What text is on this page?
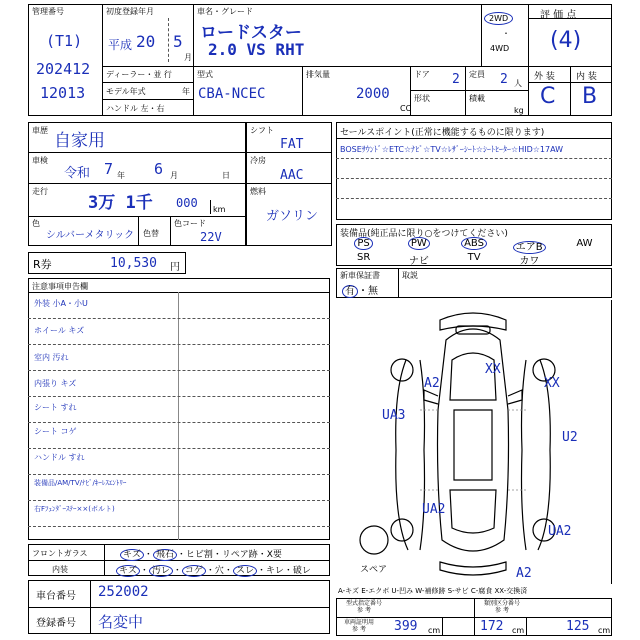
管理番号
(T1)
202412
12013
初度登録年月
平成 20 5
月
車名・グレード
ロードスター
2.0 VS RHT
2WD
・
4WD
評 価 点
(4)
外 装 内 装
C B
ディーラー・並 行
モデル年式	年
ハンドル 左・右
型式
CBA-NCEC
排気量
2000
CC
ドア 2 定員 2 人
形状	積載
kg
車歴
自家用
車検
令和 7 年 6 月	日
走行
3万 1千 000 km
色
シルバーメタリック 色替
色コード
22V
シフト
FAT
冷房
AAC
燃料
ガソリン
R券	10,530 円
セールスポイント(正常に機能するものに限ります)
BOSEｻｳﾝﾄﾞ☆ETC☆ﾅﾋﾞ☆TV☆ﾚｻﾞｰｼｰﾄ☆ｼｰﾄﾋｰﾀｰ☆HID☆17AW
装備品(純正品に限り○をつけてください)
PS	PW	ABS	エアB	AW
SR	ナビ	TV	カワ
新車保証書
有 ・無
取説
注意事項申告欄
外装 小A・小U
ホイール キズ
室内 汚れ
内張り キズ
シート すれ
シート コゲ
ハンドル すれ
装備品/AM/TV/ﾅﾋﾞ/ｷｰﾚｽｴﾝﾄﾘｰ
右Fﾌｪﾝﾀﾞｰｽﾃｰ××(ボルト)
フロントガラス	キズ ・ 飛石 ・ヒビ割・リペア跡・X要
内装	キズ ・ 汚レ ・ コゲ ・穴・ スレ ・キレ・破レ
車台番号 252002
登録番号 名変中
XX
A2	XX
UA3
U2
UA2
UA2
A2
スペア
A-キズ E-エクボ U-凹み W-補修跡 S-サビ C-腐食 XX-交換済
型式指定番号
参 考
類別区分番号
参 考
車両証明用
参 考	399 cm	172 cm	125 cm
